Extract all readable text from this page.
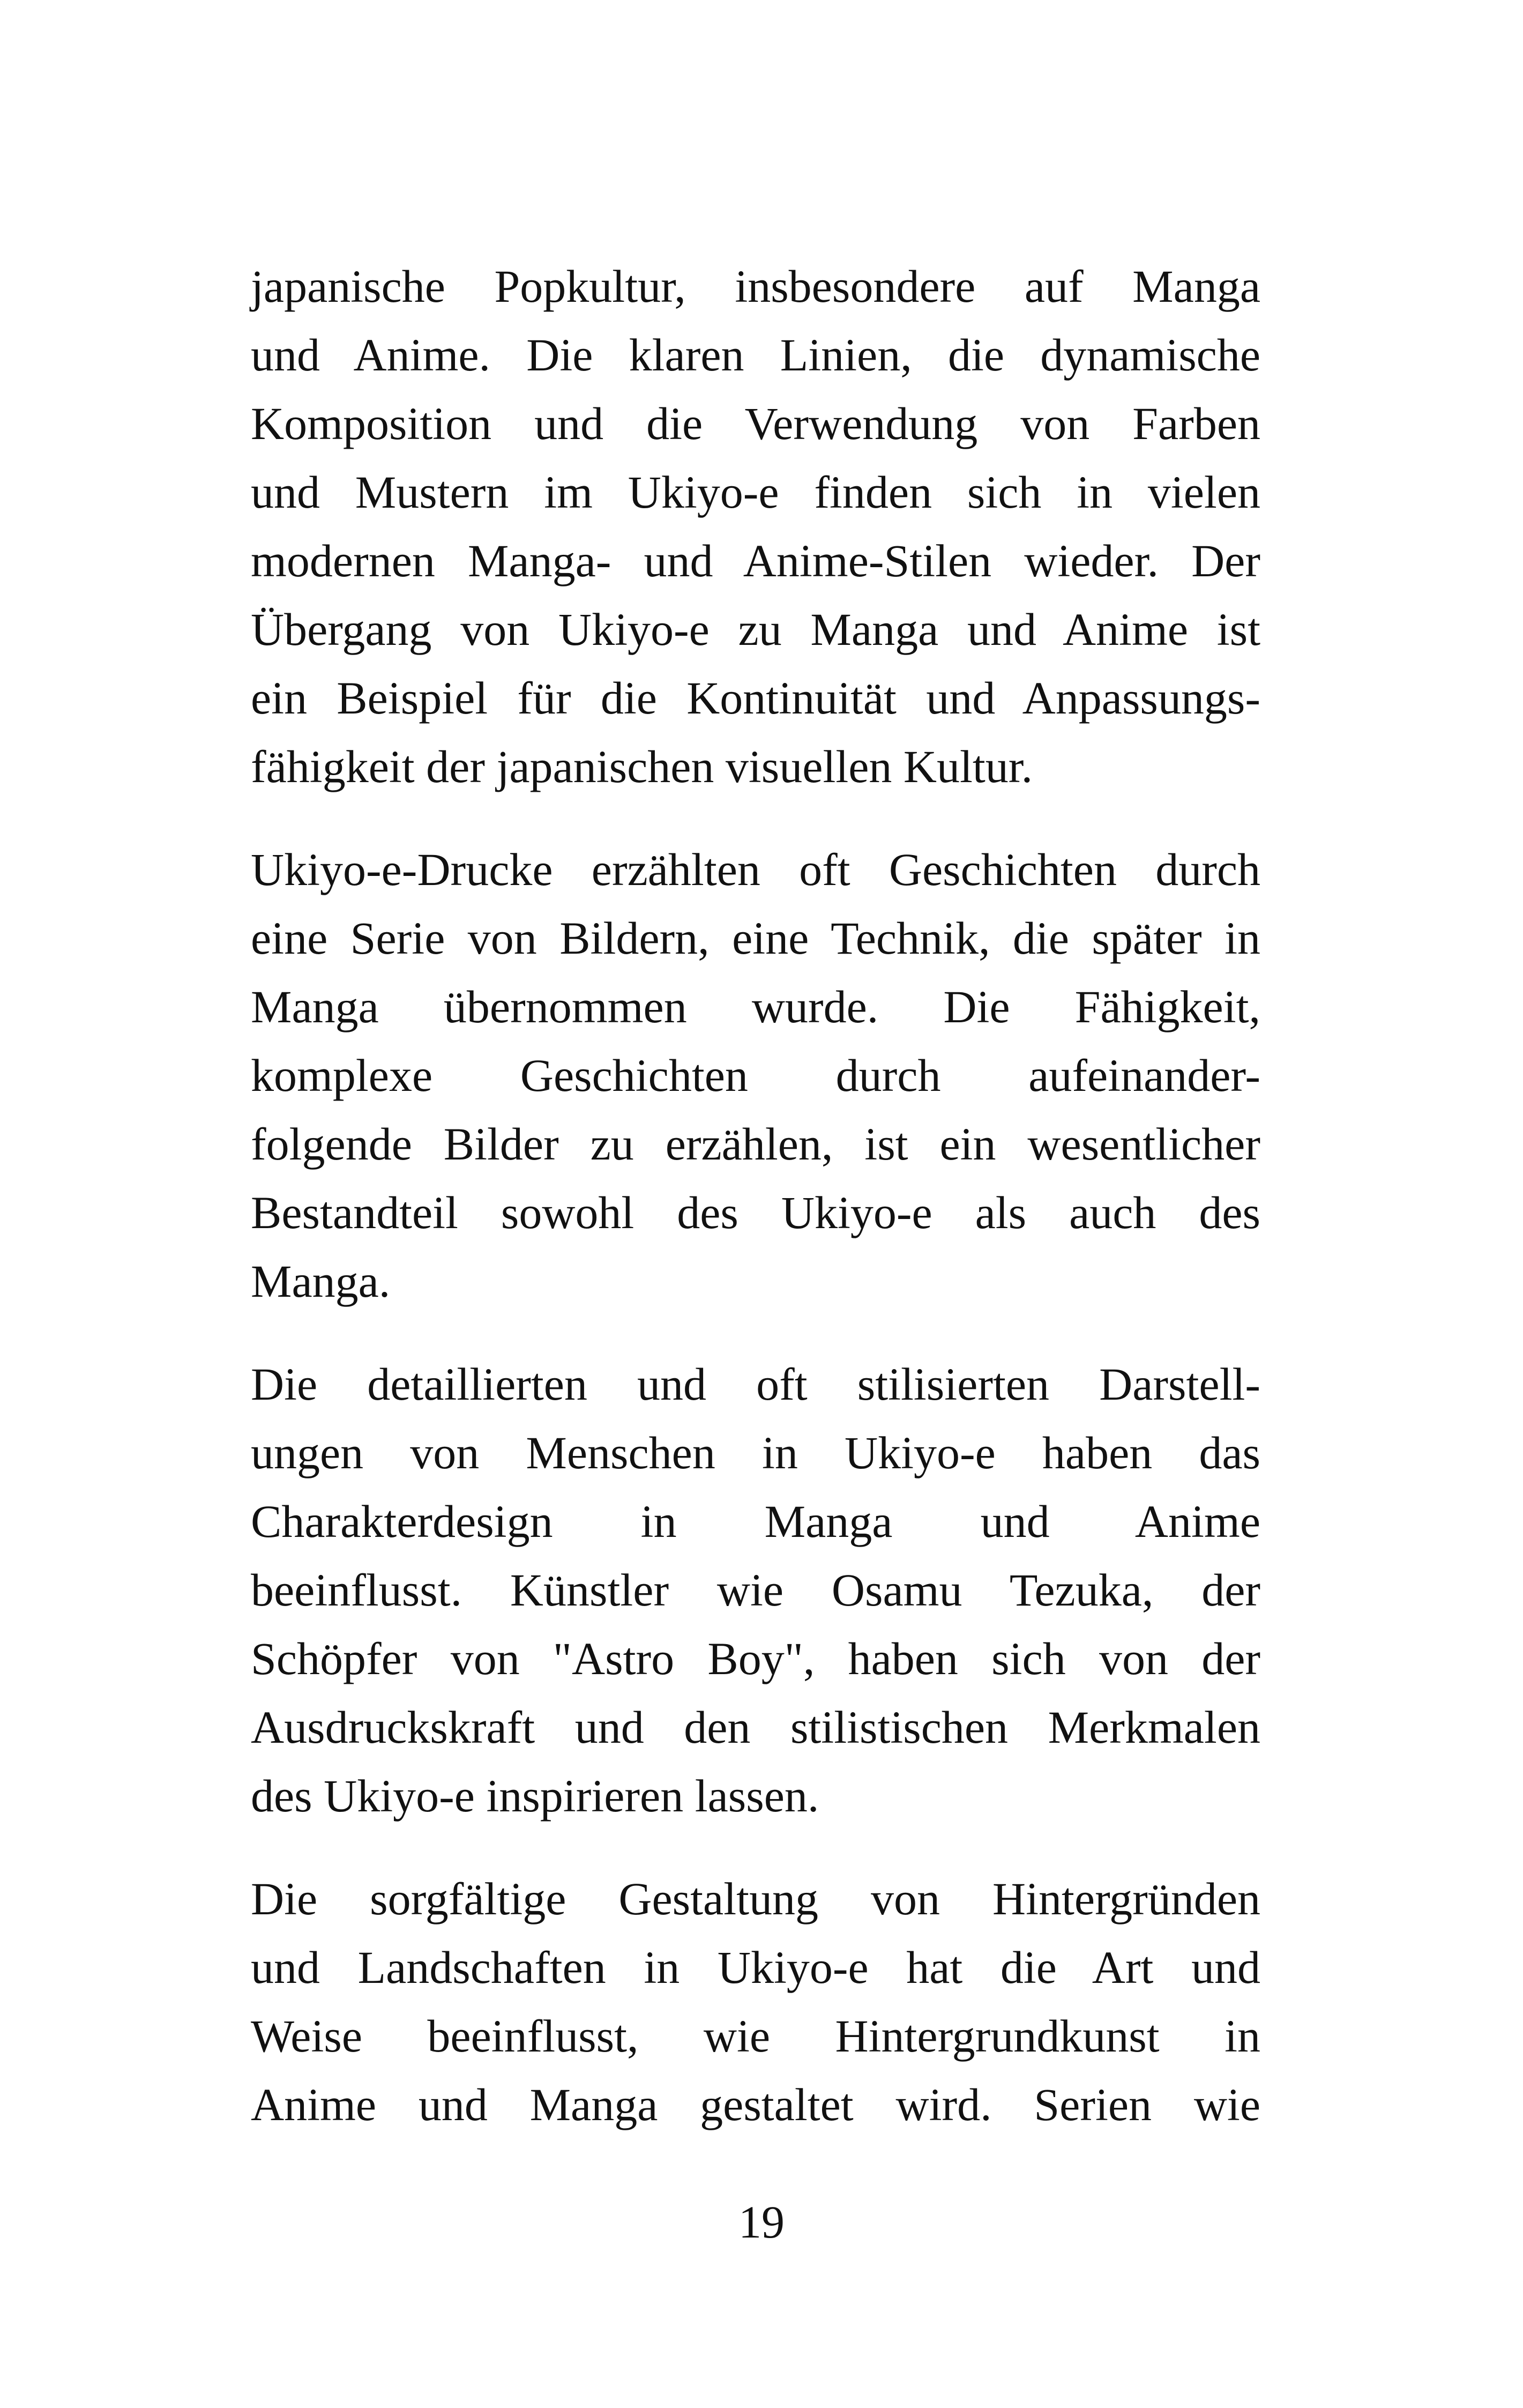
japanische Popkultur, insbesondere auf Manga
und Anime. Die klaren Linien, die dynamische
Komposition und die Verwendung von Farben
und Mustern im Ukiyo-e finden sich in vielen
modernen Manga- und Anime-Stilen wieder. Der
Übergang von Ukiyo-e zu Manga und Anime ist
ein Beispiel für die Kontinuität und Anpassungs-
fähigkeit der japanischen visuellen Kultur.

Ukiyo-e-Drucke erzählten oft Geschichten durch
eine Serie von Bildern, eine Technik, die später in
Manga übernommen wurde. Die Fähigkeit,
komplexe Geschichten durch aufeinander-
folgende Bilder zu erzählen, ist ein wesentlicher
Bestandteil sowohl des Ukiyo-e als auch des
Manga.

Die detaillierten und oft stilisierten Darstell-
ungen von Menschen in Ukiyo-e haben das
Charakterdesign in Manga und Anime
beeinflusst. Künstler wie Osamu Tezuka, der
Schöpfer von "Astro Boy", haben sich von der
Ausdruckskraft und den stilistischen Merkmalen
des Ukiyo-e inspirieren lassen.

Die sorgfältige Gestaltung von Hintergründen
und Landschaften in Ukiyo-e hat die Art und
Weise beeinflusst, wie Hintergrundkunst in
Anime und Manga gestaltet wird. Serien wie

19
